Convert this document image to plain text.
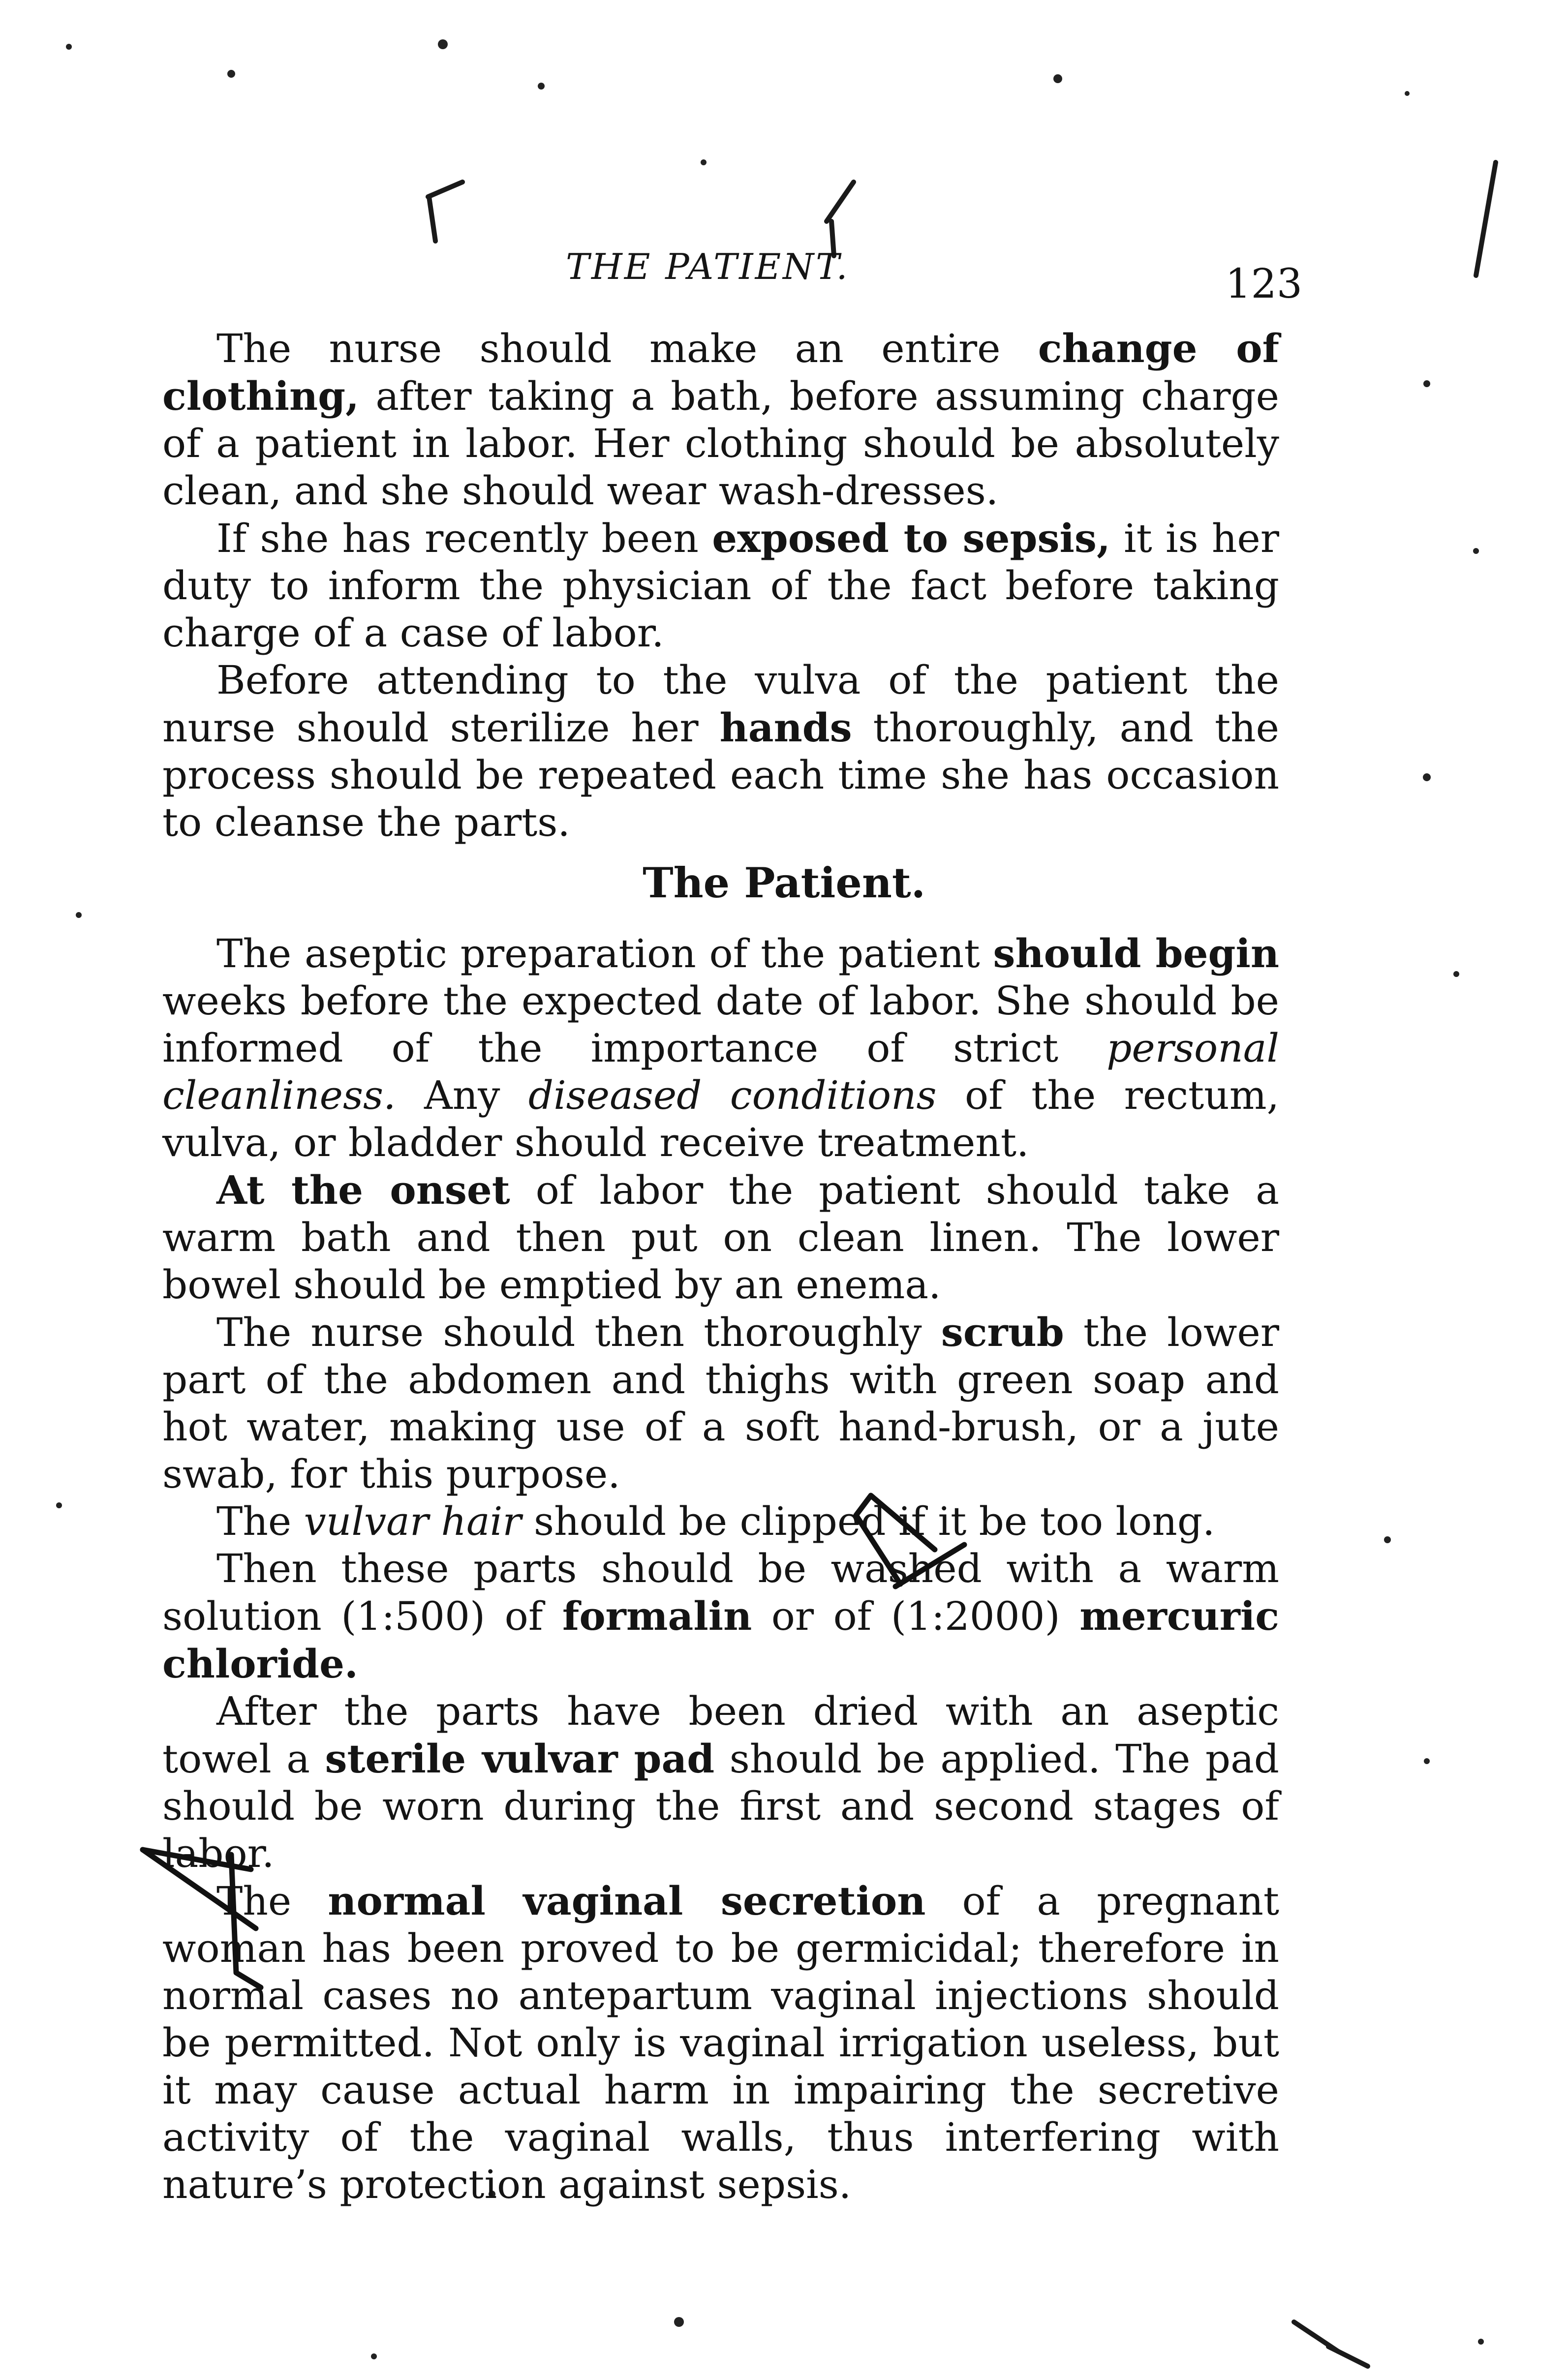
THE PATIENT.	123

The nurse should make an entire change of clothing, after taking a bath, before assuming charge of a patient in labor. Her clothing should be absolutely clean, and she should wear wash-dresses.

If she has recently been exposed to sepsis, it is her duty to inform the physician of the fact before taking charge of a case of labor.

Before attending to the vulva of the patient the nurse should sterilize her hands thoroughly, and the process should be repeated each time she has occasion to cleanse the parts.

The Patient.

The aseptic preparation of the patient should begin weeks before the expected date of labor. She should be informed of the importance of strict personal cleanliness. Any diseased conditions of the rectum, vulva, or bladder should receive treatment.

At the onset of labor the patient should take a warm bath and then put on clean linen. The lower bowel should be emptied by an enema.

The nurse should then thoroughly scrub the lower part of the abdomen and thighs with green soap and hot water, making use of a soft hand-brush, or a jute swab, for this purpose.

The vulvar hair should be clipped if it be too long.

Then these parts should be washed with a warm solution (1:500) of formalin or of (1:2000) mercuric chloride.

After the parts have been dried with an aseptic towel a sterile vulvar pad should be applied. The pad should be worn during the first and second stages of labor.

The normal vaginal secretion of a pregnant woman has been proved to be germicidal; therefore in normal cases no antepartum vaginal injections should be permitted. Not only is vaginal irrigation useless, but it may cause actual harm in impairing the secretive activity of the vaginal walls, thus interfering with nature’s protection against sepsis.
